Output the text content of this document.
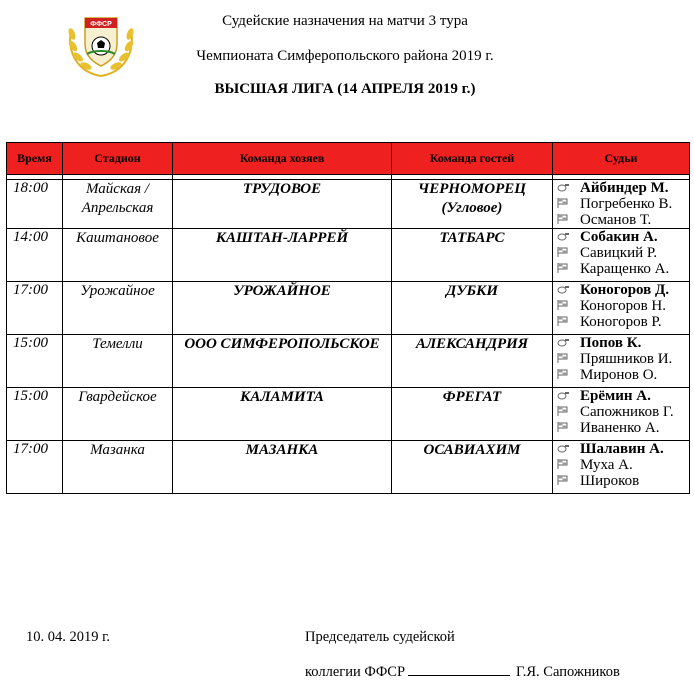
ФФСР	Судейские назначения на матчи 3 тура
Чемпионата Симферопольского района 2019 г.
ВЫСШАЯ ЛИГА (14 АПРЕЛЯ 2019 г.)
Время	Стадион	Команда хозяев	Команда гостей	Судьи

18:00	Майская / Апрельская	ТРУДОВОЕ	ЧЕРНОМОРЕЦ (Угловое)	Айбиндер М.
Погребенко В.
Османов Т.

14:00	Каштановое	КАШТАН-ЛАРРЕЙ	ТАТБАРС	Собакин А.
Савицкий Р.
Каращенко А.

17:00	Урожайное	УРОЖАЙНОЕ	ДУБКИ	Коногоров Д.
Коногоров Н.
Коногоров Р.

15:00	Темелли	ООО СИМФЕРОПОЛЬСКОЕ	АЛЕКСАНДРИЯ	Попов К.
Пряшников И.
Миронов О.

15:00	Гвардейское	КАЛАМИТА	ФРЕГАТ	Ерёмин А.
Сапожников Г.
Иваненко А.

17:00	Мазанка	МАЗАНКА	ОСАВИАХИМ	Шалавин А.
Муха А.
Широков
10. 04. 2019 г.	Председатель судейской
коллегии ФФСР	Г.Я. Сапожников
